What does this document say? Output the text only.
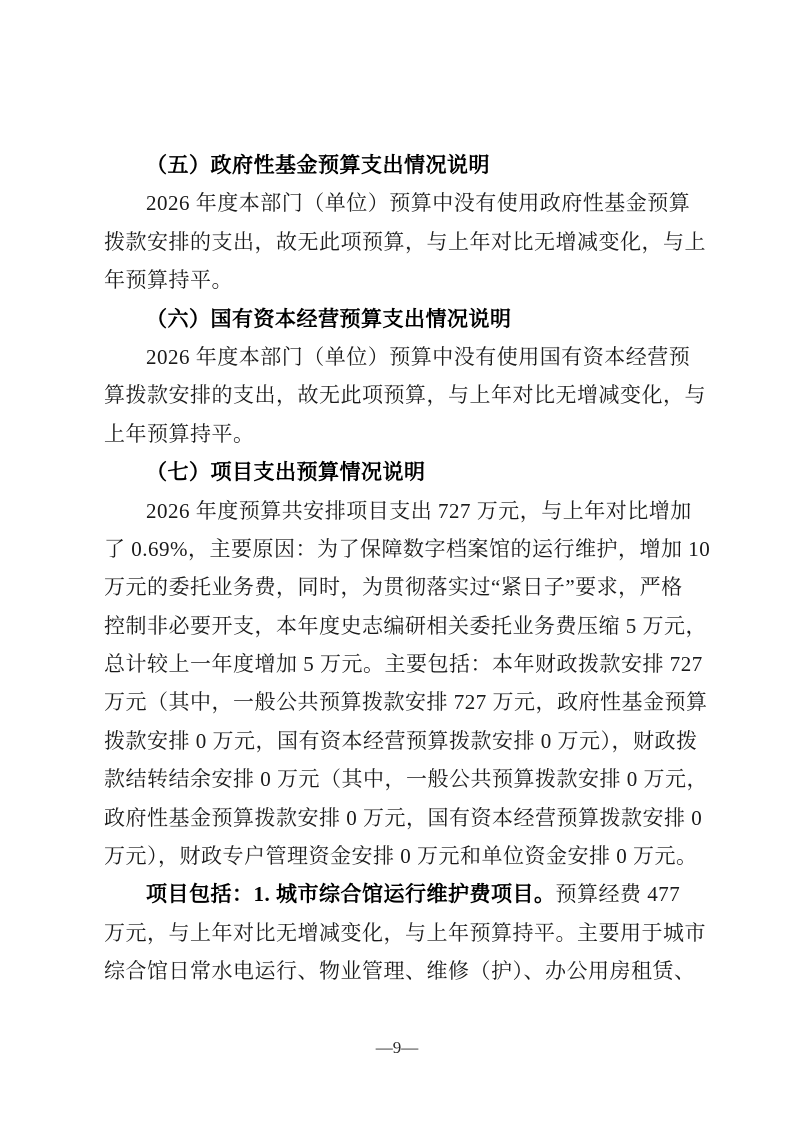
（五）政府性基金预算支出情况说明
2026 年度本部门（单位）预算中没有使用政府性基金预算
拨款安排的支出，故无此项预算，与上年对比无增减变化，与上
年预算持平。
（六）国有资本经营预算支出情况说明
2026 年度本部门（单位）预算中没有使用国有资本经营预
算拨款安排的支出，故无此项预算，与上年对比无增减变化，与
上年预算持平。
（七）项目支出预算情况说明
2026 年度预算共安排项目支出 727 万元，与上年对比增加
了 0.69%，主要原因：为了保障数字档案馆的运行维护，增加 10
万元的委托业务费，同时，为贯彻落实过“紧日子”要求，严格
控制非必要开支，本年度史志编研相关委托业务费压缩 5 万元，
总计较上一年度增加 5 万元。主要包括：本年财政拨款安排 727
万元（其中，一般公共预算拨款安排 727 万元，政府性基金预算
拨款安排 0 万元，国有资本经营预算拨款安排 0 万元），财政拨
款结转结余安排 0 万元（其中，一般公共预算拨款安排 0 万元，
政府性基金预算拨款安排 0 万元，国有资本经营预算拨款安排 0
万元），财政专户管理资金安排 0 万元和单位资金安排 0 万元。
项目包括：1. 城市综合馆运行维护费项目。预算经费 477
万元，与上年对比无增减变化，与上年预算持平。主要用于城市
综合馆日常水电运行、物业管理、维修（护）、办公用房租赁、
—9—
